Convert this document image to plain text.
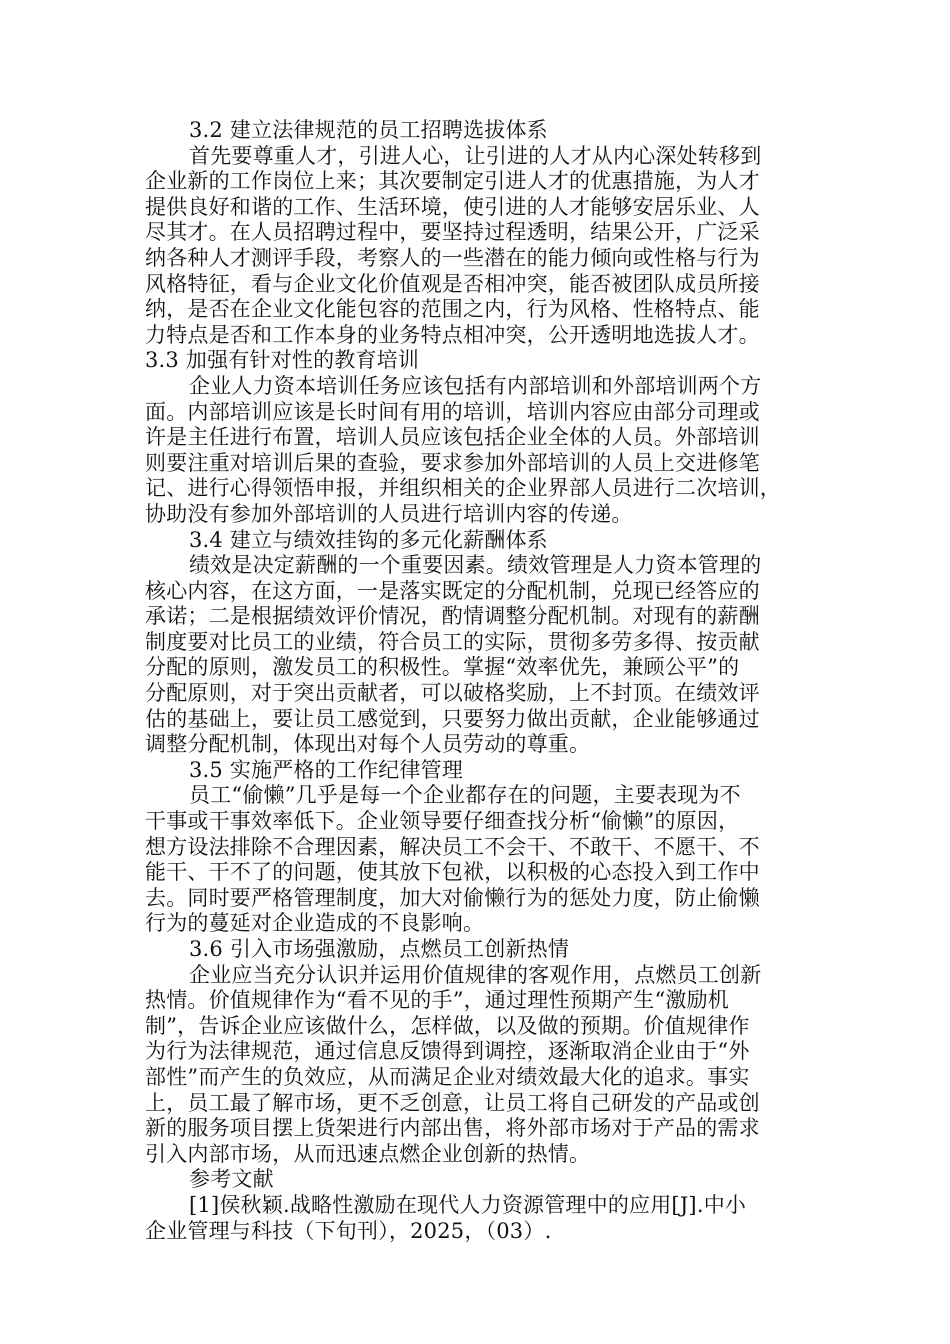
3.2 建立法律规范的员工招聘选拔体系
首先要尊重人才，引进人心，让引进的人才从内心深处转移到
企业新的工作岗位上来；其次要制定引进人才的优惠措施，为人才
提供良好和谐的工作、生活环境，使引进的人才能够安居乐业、人
尽其才。在人员招聘过程中，要坚持过程透明，结果公开，广泛采
纳各种人才测评手段，考察人的一些潜在的能力倾向或性格与行为
风格特征，看与企业文化价值观是否相冲突，能否被团队成员所接
纳，是否在企业文化能包容的范围之内，行为风格、性格特点、能
力特点是否和工作本身的业务特点相冲突，公开透明地选拔人才。
3.3 加强有针对性的教育培训
企业人力资本培训任务应该包括有内部培训和外部培训两个方
面。内部培训应该是长时间有用的培训，培训内容应由部分司理或
许是主任进行布置，培训人员应该包括企业全体的人员。外部培训
则要注重对培训后果的查验，要求参加外部培训的人员上交进修笔
记、进行心得领悟申报，并组织相关的企业界部人员进行二次培训，
协助没有参加外部培训的人员进行培训内容的传递。
3.4 建立与绩效挂钩的多元化薪酬体系
绩效是决定薪酬的一个重要因素。绩效管理是人力资本管理的
核心内容，在这方面，一是落实既定的分配机制，兑现已经答应的
承诺；二是根据绩效评价情况，酌情调整分配机制。对现有的薪酬
制度要对比员工的业绩，符合员工的实际，贯彻多劳多得、按贡献
分配的原则，激发员工的积极性。掌握“效率优先，兼顾公平”的
分配原则，对于突出贡献者，可以破格奖励，上不封顶。在绩效评
估的基础上，要让员工感觉到，只要努力做出贡献，企业能够通过
调整分配机制，体现出对每个人员劳动的尊重。
3.5 实施严格的工作纪律管理
员工“偷懒”几乎是每一个企业都存在的问题，主要表现为不
干事或干事效率低下。企业领导要仔细查找分析“偷懒”的原因，
想方设法排除不合理因素，解决员工不会干、不敢干、不愿干、不
能干、干不了的问题，使其放下包袱，以积极的心态投入到工作中
去。同时要严格管理制度，加大对偷懒行为的惩处力度，防止偷懒
行为的蔓延对企业造成的不良影响。
3.6 引入市场强激励，点燃员工创新热情
企业应当充分认识并运用价值规律的客观作用，点燃员工创新
热情。价值规律作为“看不见的手”，通过理性预期产生“激励机
制”，告诉企业应该做什么，怎样做，以及做的预期。价值规律作
为行为法律规范，通过信息反馈得到调控，逐渐取消企业由于“外
部性”而产生的负效应，从而满足企业对绩效最大化的追求。事实
上，员工最了解市场，更不乏创意，让员工将自己研发的产品或创
新的服务项目摆上货架进行内部出售，将外部市场对于产品的需求
引入内部市场，从而迅速点燃企业创新的热情。
参考文献
[1]侯秋颖.战略性激励在现代人力资源管理中的应用[J].中小
企业管理与科技（下旬刊），2025，（03）.
